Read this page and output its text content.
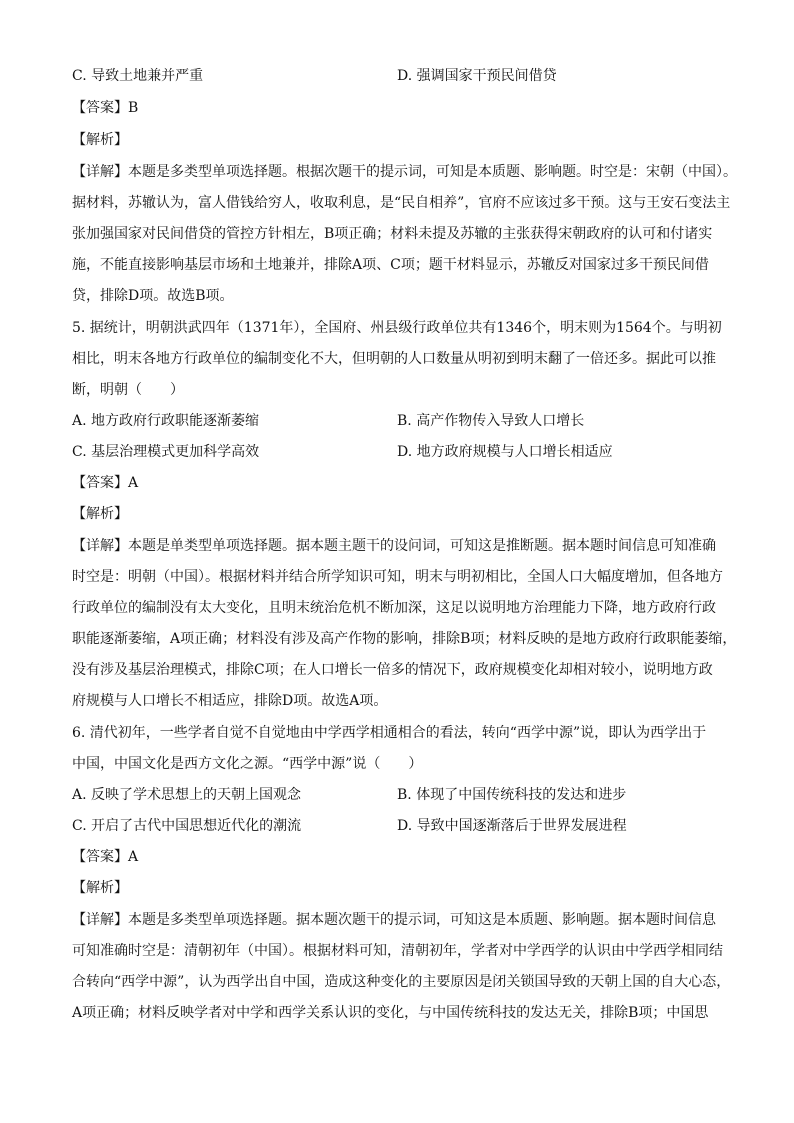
C. 导致土地兼并严重	D. 强调国家干预民间借贷
【答案】B
【解析】
【详解】本题是多类型单项选择题。根据次题干的提示词，可知是本质题、影响题。时空是：宋朝（中国）。
据材料，苏辙认为，富人借钱给穷人，收取利息，是“民自相养”，官府不应该过多干预。这与王安石变法主
张加强国家对民间借贷的管控方针相左，B项正确；材料未提及苏辙的主张获得宋朝政府的认可和付诸实
施，不能直接影响基层市场和土地兼并，排除A项、C项；题干材料显示，苏辙反对国家过多干预民间借
贷，排除D项。故选B项。
5. 据统计，明朝洪武四年（1371年），全国府、州县级行政单位共有1346个，明末则为1564个。与明初
相比，明末各地方行政单位的编制变化不大，但明朝的人口数量从明初到明末翻了一倍还多。据此可以推
断，明朝（　　）
A. 地方政府行政职能逐渐萎缩	B. 高产作物传入导致人口增长
C. 基层治理模式更加科学高效	D. 地方政府规模与人口增长相适应
【答案】A
【解析】
【详解】本题是单类型单项选择题。据本题主题干的设问词，可知这是推断题。据本题时间信息可知准确
时空是：明朝（中国）。根据材料并结合所学知识可知，明末与明初相比，全国人口大幅度增加，但各地方
行政单位的编制没有太大变化，且明末统治危机不断加深，这足以说明地方治理能力下降，地方政府行政
职能逐渐萎缩，A项正确；材料没有涉及高产作物的影响，排除B项；材料反映的是地方政府行政职能萎缩，
没有涉及基层治理模式，排除C项；在人口增长一倍多的情况下，政府规模变化却相对较小，说明地方政
府规模与人口增长不相适应，排除D项。故选A项。
6. 清代初年，一些学者自觉不自觉地由中学西学相通相合的看法，转向“西学中源”说，即认为西学出于
中国，中国文化是西方文化之源。“西学中源”说（　　）
A. 反映了学术思想上的天朝上国观念	B. 体现了中国传统科技的发达和进步
C. 开启了古代中国思想近代化的潮流	D. 导致中国逐渐落后于世界发展进程
【答案】A
【解析】
【详解】本题是多类型单项选择题。据本题次题干的提示词，可知这是本质题、影响题。据本题时间信息
可知准确时空是：清朝初年（中国）。根据材料可知，清朝初年，学者对中学西学的认识由中学西学相同结
合转向“西学中源”，认为西学出自中国，造成这种变化的主要原因是闭关锁国导致的天朝上国的自大心态，
A项正确；材料反映学者对中学和西学关系认识的变化，与中国传统科技的发达无关，排除B项；中国思
